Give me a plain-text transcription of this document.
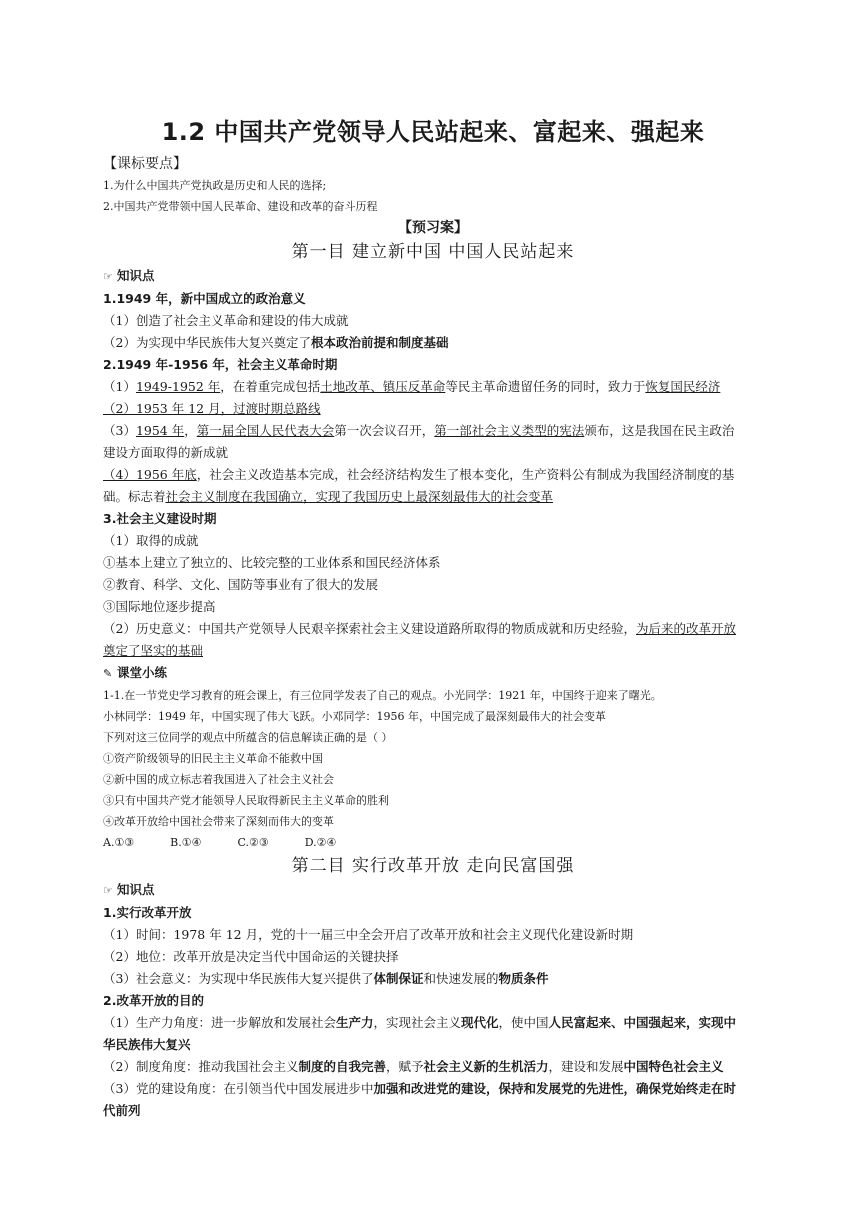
1.2 中国共产党领导人民站起来、富起来、强起来
【课标要点】
1.为什么中国共产党执政是历史和人民的选择;
2.中国共产党带领中国人民革命、建设和改革的奋斗历程
【预习案】
第一目 建立新中国 中国人民站起来
☞ 知识点
1.1949 年，新中国成立的政治意义
（1）创造了社会主义革命和建设的伟大成就
（2）为实现中华民族伟大复兴奠定了根本政治前提和制度基础
2.1949 年-1956 年，社会主义革命时期
（1）1949-1952 年，在着重完成包括土地改革、镇压反革命等民主革命遗留任务的同时，致力于恢复国民经济
（2）1953 年 12 月，过渡时期总路线
（3）1954 年，第一届全国人民代表大会第一次会议召开，第一部社会主义类型的宪法颁布，这是我国在民主政治
建设方面取得的新成就
（4）1956 年底，社会主义改造基本完成，社会经济结构发生了根本变化，生产资料公有制成为我国经济制度的基
础。标志着社会主义制度在我国确立，实现了我国历史上最深刻最伟大的社会变革
3.社会主义建设时期
（1）取得的成就
①基本上建立了独立的、比较完整的工业体系和国民经济体系
②教育、科学、文化、国防等事业有了很大的发展
③国际地位逐步提高
（2）历史意义：中国共产党领导人民艰辛探索社会主义建设道路所取得的物质成就和历史经验，为后来的改革开放
奠定了坚实的基础
✎ 课堂小练
1-1.在一节党史学习教育的班会课上，有三位同学发表了自己的观点。小光同学：1921 年，中国终于迎来了曙光。
小林同学：1949 年，中国实现了伟大飞跃。小邓同学：1956 年，中国完成了最深刻最伟大的社会变革
下列对这三位同学的观点中所蕴含的信息解读正确的是（ ）
①资产阶级领导的旧民主主义革命不能救中国
②新中国的成立标志着我国进入了社会主义社会
③只有中国共产党才能领导人民取得新民主主义革命的胜利
④改革开放给中国社会带来了深刻而伟大的变革
A.①③	B.①④	C.②③	D.②④
第二目 实行改革开放 走向民富国强
☞ 知识点
1.实行改革开放
（1）时间：1978 年 12 月，党的十一届三中全会开启了改革开放和社会主义现代化建设新时期
（2）地位：改革开放是决定当代中国命运的关键抉择
（3）社会意义：为实现中华民族伟大复兴提供了体制保证和快速发展的物质条件
2.改革开放的目的
（1）生产力角度：进一步解放和发展社会生产力，实现社会主义现代化，使中国人民富起来、中国强起来，实现中
华民族伟大复兴
（2）制度角度：推动我国社会主义制度的自我完善，赋予社会主义新的生机活力，建设和发展中国特色社会主义
（3）党的建设角度：在引领当代中国发展进步中加强和改进党的建设，保持和发展党的先进性，确保党始终走在时
代前列
